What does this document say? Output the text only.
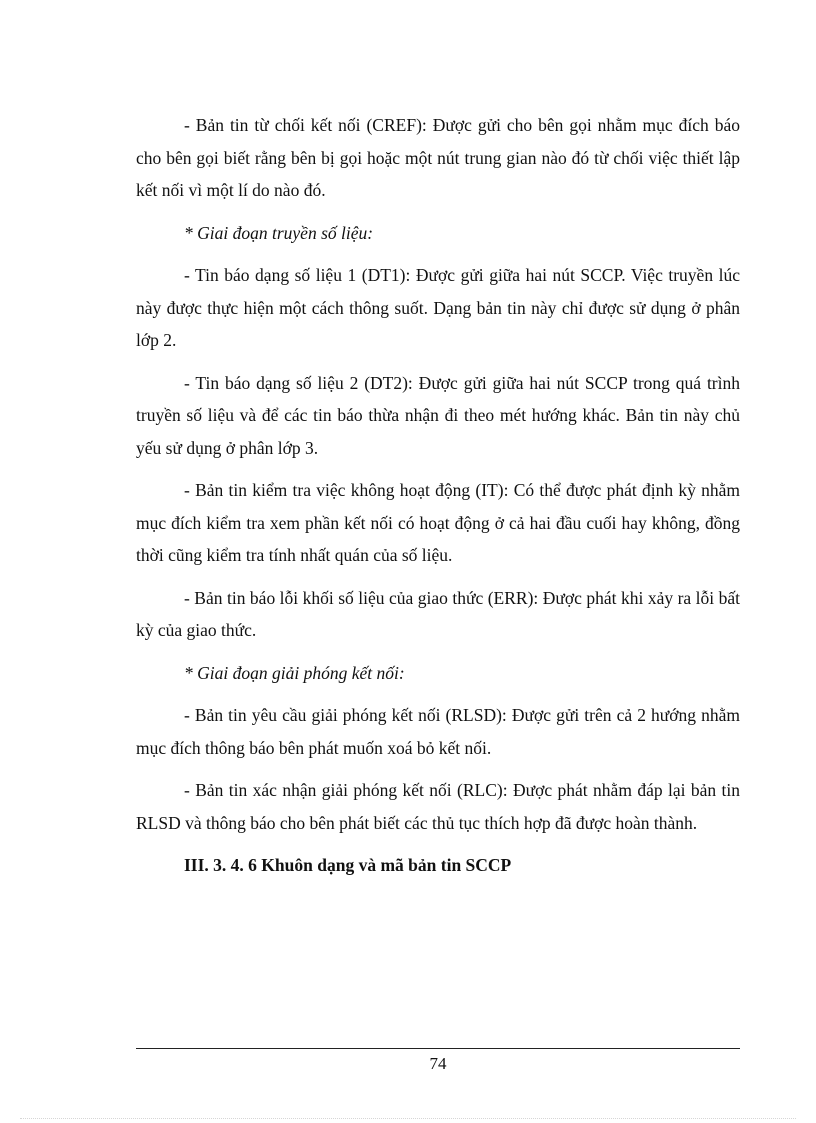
- Bản tin từ chối kết nối (CREF): Được gửi cho bên gọi nhằm mục đích báo cho bên gọi biết rằng bên bị gọi hoặc một nút trung gian nào đó từ chối việc thiết lập kết nối vì một lí do nào đó.

* Giai đoạn truyền số liệu:

- Tin báo dạng số liệu 1 (DT1): Được gửi giữa hai nút SCCP. Việc truyền lúc này được thực hiện một cách thông suốt. Dạng bản tin này chỉ được sử dụng ở phân lớp 2.

- Tin báo dạng số liệu 2 (DT2): Được gửi giữa hai nút SCCP trong quá trình truyền số liệu và để các tin báo thừa nhận đi theo mét hướng khác. Bản tin này chủ yếu sử dụng ở phân lớp 3.

- Bản tin kiểm tra việc không hoạt động (IT): Có thể được phát định kỳ nhằm mục đích kiểm tra xem phần kết nối có hoạt động ở cả hai đầu cuối hay không, đồng thời cũng kiểm tra tính nhất quán của số liệu.

- Bản tin báo lỗi khối số liệu của giao thức (ERR): Được phát khi xảy ra lỗi bất kỳ của giao thức.

* Giai đoạn giải phóng kết nối:

- Bản tin yêu cầu giải phóng kết nối (RLSD): Được gửi trên cả 2 hướng nhằm mục đích thông báo bên phát muốn xoá bỏ kết nối.

- Bản tin xác nhận giải phóng kết nối (RLC): Được phát nhằm đáp lại bản tin RLSD và thông báo cho bên phát biết các thủ tục thích hợp đã được hoàn thành.

III. 3. 4. 6 Khuôn dạng và mã bản tin SCCP

74
